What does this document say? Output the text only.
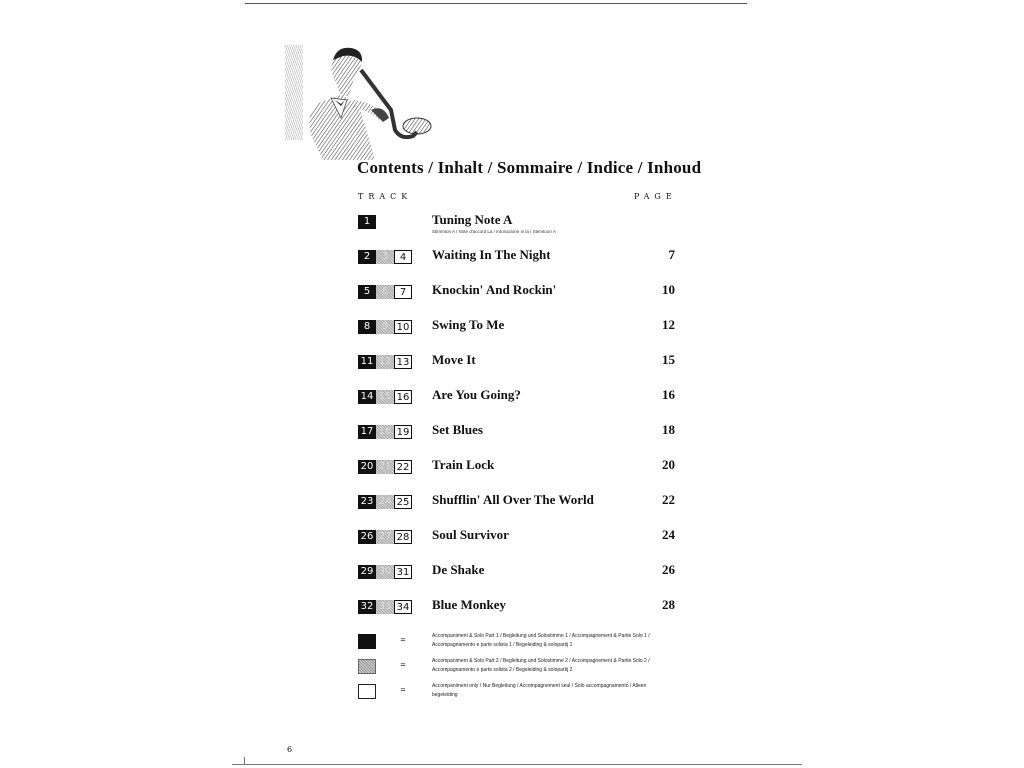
Contents / Inhalt / Sommaire / Indice / Inhoud
TRACK	PAGE
1	Tuning Note A
Stimmton A / Note d'accord La / Intonazione in la / Stemtoon A
2	3	4	Waiting In The Night	7
5	6	7	Knockin' And Rockin'	10
8	9 10 Swing To Me	12
11 12 13 Move It	15
14 15 16 Are You Going?	16
17 18 19 Set Blues	18
20 21 22 Train Lock	20
23 24 25 Shufflin' All Over The World	22
26 27 28 Soul Survivor	24
29 30 31 De Shake	26
32 33 34 Blue Monkey	28
=	Accompaniment & Solo Part 1 / Begleitung und Solostimme 1 / Accompagnement & Partie Solo 1 / Accompagnamento e parte solista 1 / Begeleiding & solopartij 1
=	Accompaniment & Solo Part 2 / Begleitung und Solostimme 2 / Accompagnement & Partie Solo 2 / Accompagnamento e parte solista 2 / Begeleiding & solopartij 2
=	Accompaniment only / Nur Begleitung / Accompagnement seul / Solo accompagnamento / Alleen begeleiding
6
